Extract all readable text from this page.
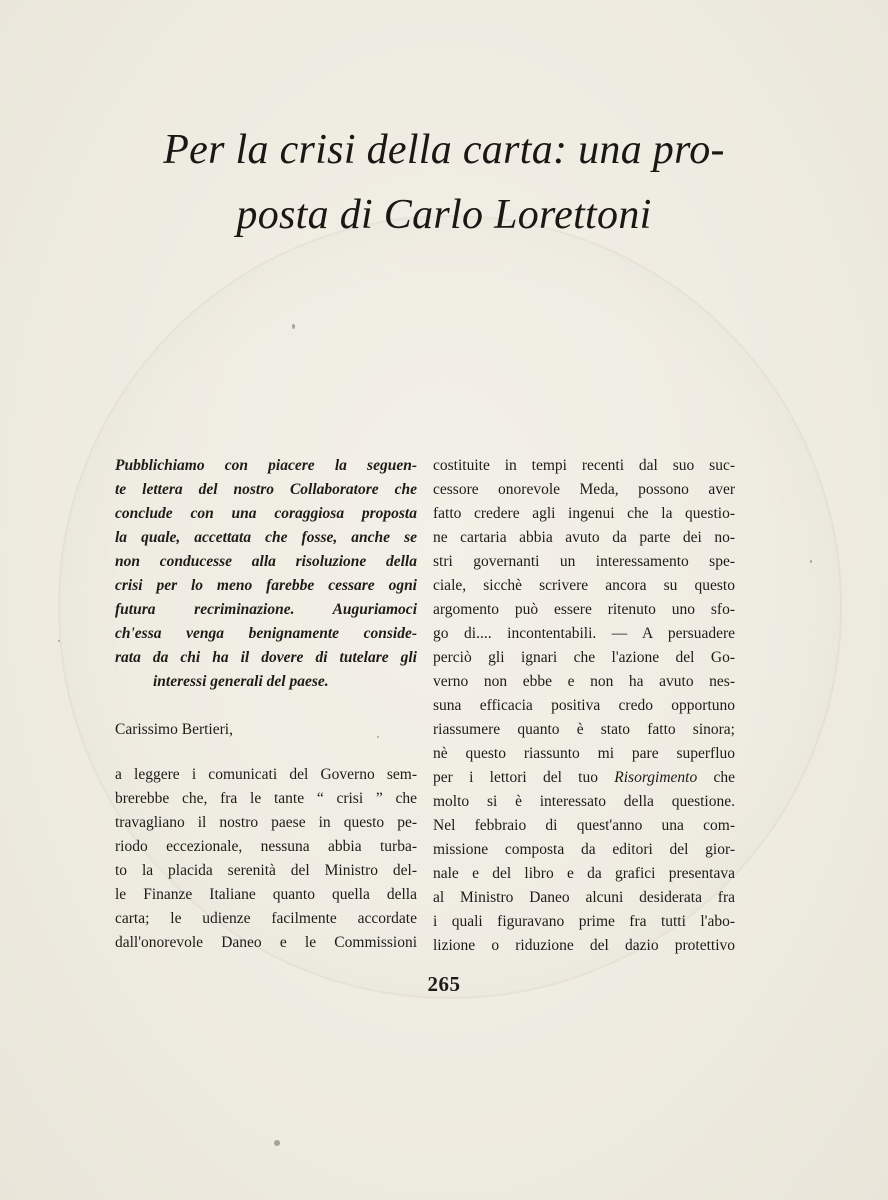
Per la crisi della carta: una pro-
posta di Carlo Lorettoni
Pubblichiamo con piacere la seguen-
te lettera del nostro Collaboratore che
conclude con una coraggiosa proposta
la quale, accettata che fosse, anche se
non conducesse alla risoluzione della
crisi per lo meno farebbe cessare ogni
futura recriminazione. Auguriamoci
ch'essa venga benignamente conside-
rata da chi ha il dovere di tutelare gli
interessi generali del paese.
Carissimo Bertieri,
a leggere i comunicati del Governo sem-
brerebbe che, fra le tante “ crisi ” che
travagliano il nostro paese in questo pe-
riodo eccezionale, nessuna abbia turba-
to la placida serenità del Ministro del-
le Finanze Italiane quanto quella della
carta; le udienze facilmente accordate
dall'onorevole Daneo e le Commissioni
costituite in tempi recenti dal suo suc-
cessore onorevole Meda, possono aver
fatto credere agli ingenui che la questio-
ne cartaria abbia avuto da parte dei no-
stri governanti un interessamento spe-
ciale, sicchè scrivere ancora su questo
argomento può essere ritenuto uno sfo-
go di.... incontentabili. — A persuadere
perciò gli ignari che l'azione del Go-
verno non ebbe e non ha avuto nes-
suna efficacia positiva credo opportuno
riassumere quanto è stato fatto sinora;
nè questo riassunto mi pare superfluo
per i lettori del tuo Risorgimento che
molto si è interessato della questione.
Nel febbraio di quest'anno una com-
missione composta da editori del gior-
nale e del libro e da grafici presentava
al Ministro Daneo alcuni desiderata fra
i quali figuravano prime fra tutti l'abo-
lizione o riduzione del dazio protettivo
265
